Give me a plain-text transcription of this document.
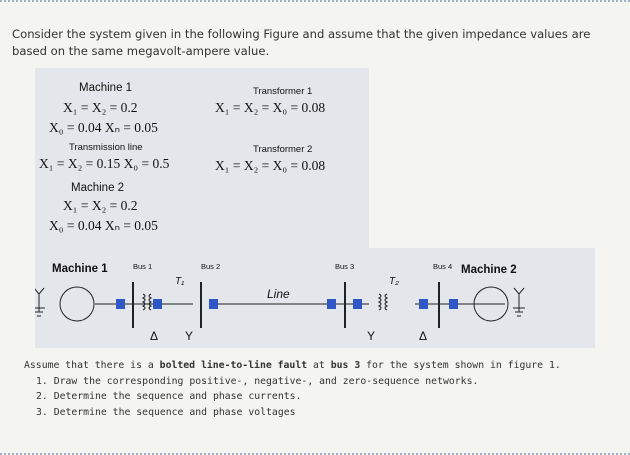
Consider the system given in the following Figure and assume that the given impedance values are based on the same megavolt-ampere value.
Machine 1
X₁ = X₂ = 0.2
X₀ = 0.04 Xₙ = 0.05
Transmission line
X₁ = X₂ = 0.15 X₀ = 0.5
Machine 2
X₁ = X₂ = 0.2
X₀ = 0.04 Xₙ = 0.05
Transformer 1
X₁ = X₂ = X₀ = 0.08
Transformer 2
X₁ = X₂ = X₀ = 0.08
Machine 1	Bus 1	Bus 2	Bus 3	Bus 4 Machine 2
T₁	T₂
Line
Δ Y	Y	Δ
Assume that there is a bolted line-to-line fault at bus 3 for the system shown in figure 1.
1. Draw the corresponding positive-, negative-, and zero-sequence networks.
2. Determine the sequence and phase currents.
3. Determine the sequence and phase voltages
